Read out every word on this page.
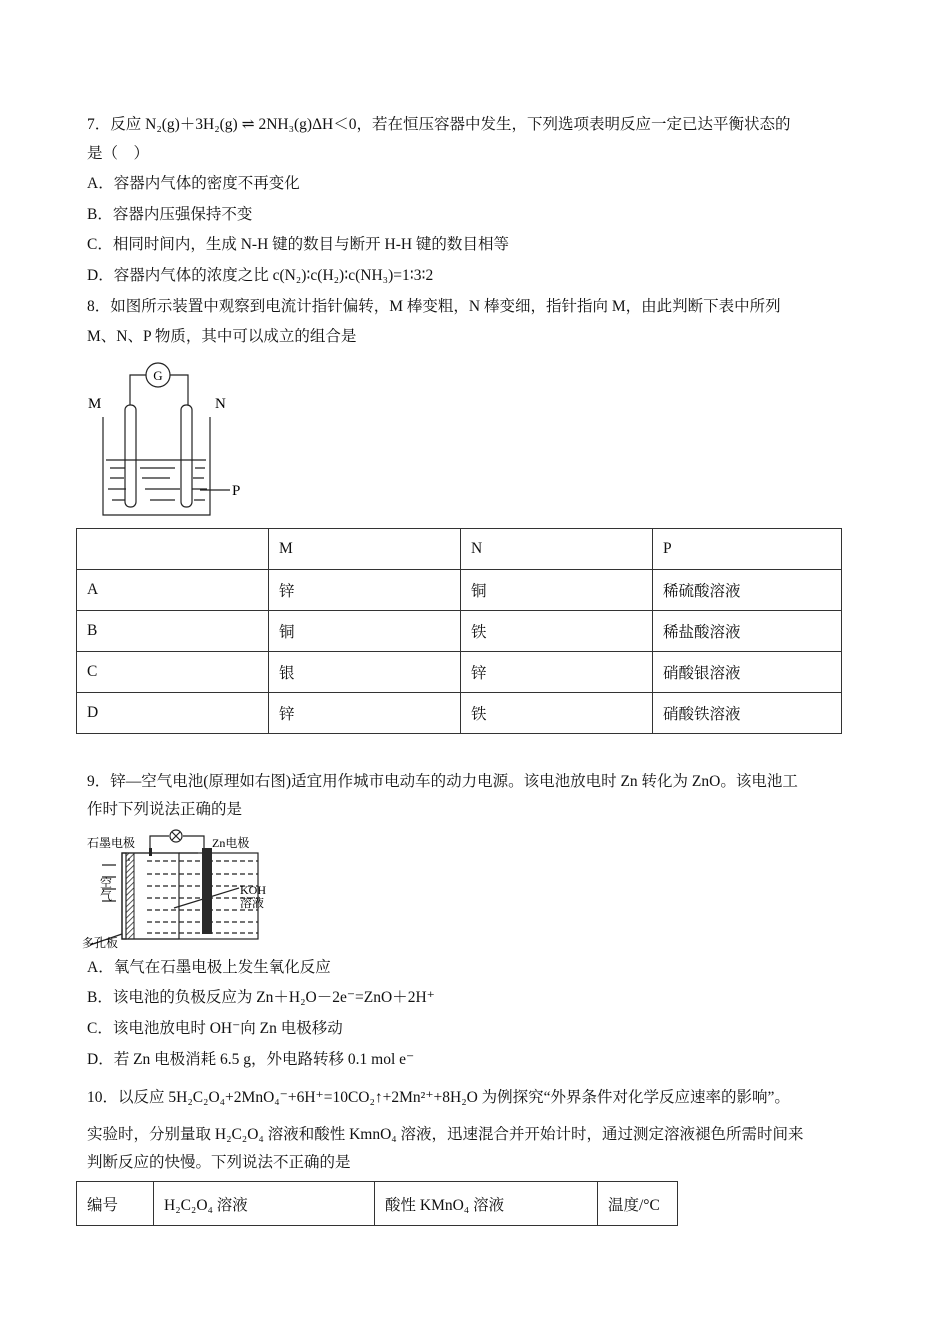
7．反应 N₂(g)＋3H₂(g) ⇌ 2NH₃(g)ΔH＜0，若在恒压容器中发生，下列选项表明反应一定已达平衡状态的
是（　）
A．容器内气体的密度不再变化
B．容器内压强保持不变
C．相同时间内，生成 N-H 键的数目与断开 H-H 键的数目相等
D．容器内气体的浓度之比 c(N₂)∶c(H₂)∶c(NH₃)=1∶3∶2
8．如图所示装置中观察到电流计指针偏转，M 棒变粗，N 棒变细，指针指向 M，由此判断下表中所列
M、N、P 物质，其中可以成立的组合是
G
M	N
P
	M	N	P
A	锌	铜	稀硫酸溶液
B	铜	铁	稀盐酸溶液
C	银	锌	硝酸银溶液
D	锌	铁	硝酸铁溶液
9．锌—空气电池(原理如右图)适宜用作城市电动车的动力电源。该电池放电时 Zn 转化为 ZnO。该电池工
作时下列说法正确的是
石墨电极	Zn电极
空
气	KOH
溶液
多孔板
A．氧气在石墨电极上发生氧化反应
B．该电池的负极反应为 Zn＋H₂O－2e⁻=ZnO＋2H⁺
C．该电池放电时 OH⁻向 Zn 电极移动
D．若 Zn 电极消耗 6.5 g，外电路转移 0.1 mol e⁻
10．以反应 5H₂C₂O₄+2MnO₄⁻+6H⁺=10CO₂↑+2Mn²⁺+8H₂O 为例探究“外界条件对化学反应速率的影响”。
实验时，分别量取 H₂C₂O₄ 溶液和酸性 KmnO₄ 溶液，迅速混合并开始计时，通过测定溶液褪色所需时间来
判断反应的快慢。下列说法不正确的是
编号	H₂C₂O₄ 溶液	酸性 KMnO₄ 溶液	温度/°C
